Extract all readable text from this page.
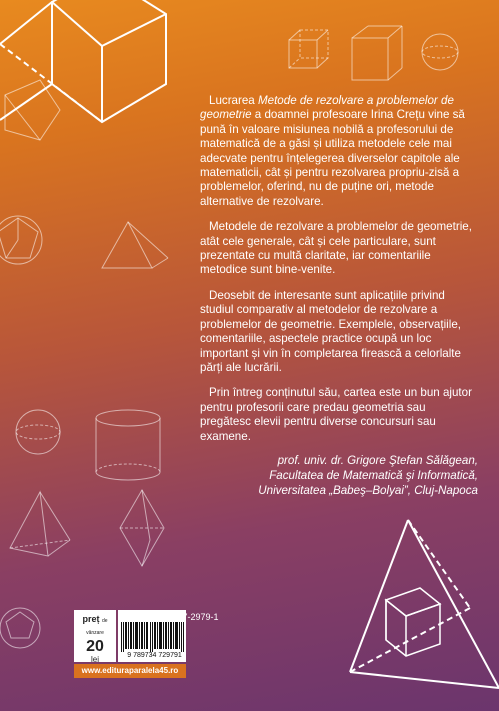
Lucrarea Metode de rezolvare a problemelor de geometrie a doamnei profesoare Irina Crețu vine să pună în valoare misiunea nobilă a profesorului de matematică de a găsi și utiliza metodele cele mai adecvate pentru înțelegerea diverselor capitole ale matematicii, cât și pentru rezolvarea propriu-zisă a problemelor, oferind, nu de puține ori, metode alternative de rezolvare.

Metodele de rezolvare a problemelor de geometrie, atât cele generale, cât și cele particulare, sunt prezentate cu multă claritate, iar comentariile metodice sunt bine-venite.

Deosebit de interesante sunt aplicațiile privind studiul comparativ al metodelor de rezolvare a problemelor de geometrie. Exemplele, observațiile, comentariile, aspectele practice ocupă un loc important și vin în completarea firească a celorlalte părți ale lucrării.

Prin întreg conținutul său, cartea este un bun ajutor pentru profesorii care predau geometria sau pregătesc elevii pentru diverse concursuri sau examene.

prof. univ. dr. Grigore Ştefan Sălăgean,
Facultatea de Matematică şi Informatică,
Universitatea „Babeş–Bolyai”, Cluj-Napoca
preț de vânzare
20
lei
ISBN 978-973-47-2979-1
9 789734 729791
www.edituraparalela45.ro
